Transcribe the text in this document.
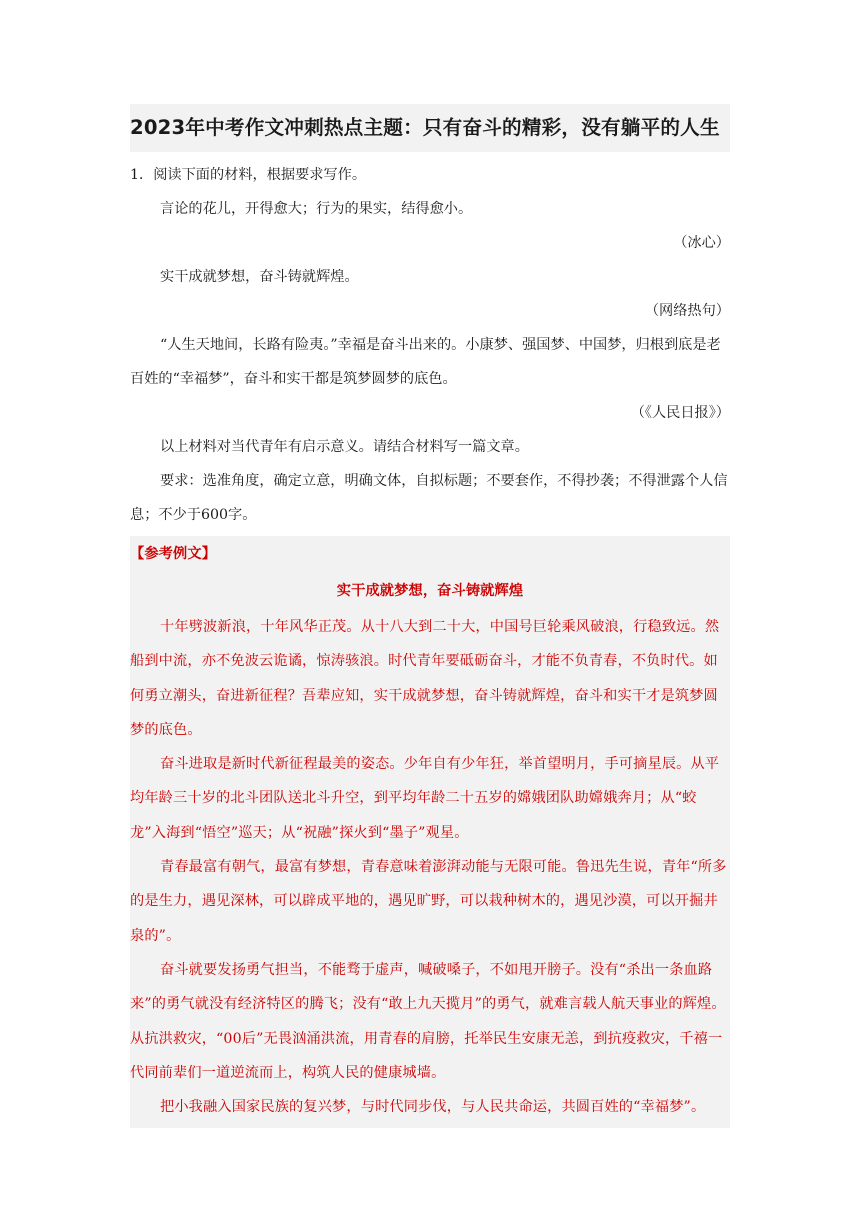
2023年中考作文冲刺热点主题：只有奋斗的精彩，没有躺平的人生

1．阅读下面的材料，根据要求写作。

言论的花儿，开得愈大；行为的果实，结得愈小。

（冰心）

实干成就梦想，奋斗铸就辉煌。

（网络热句）

“人生天地间，长路有险夷。”幸福是奋斗出来的。小康梦、强国梦、中国梦，归根到底是老百姓的“幸福梦”，奋斗和实干都是筑梦圆梦的底色。

（《人民日报》）

以上材料对当代青年有启示意义。请结合材料写一篇文章。

要求：选准角度，确定立意，明确文体，自拟标题；不要套作，不得抄袭；不得泄露个人信息；不少于600字。

【参考例文】

实干成就梦想，奋斗铸就辉煌

十年劈波新浪，十年风华正茂。从十八大到二十大，中国号巨轮乘风破浪，行稳致远。然船到中流，亦不免波云诡谲，惊涛骇浪。时代青年要砥砺奋斗，才能不负青春，不负时代。如何勇立潮头，奋进新征程？吾辈应知，实干成就梦想，奋斗铸就辉煌，奋斗和实干才是筑梦圆梦的底色。

奋斗进取是新时代新征程最美的姿态。少年自有少年狂，举首望明月，手可摘星辰。从平均年龄三十岁的北斗团队送北斗升空，到平均年龄二十五岁的嫦娥团队助嫦娥奔月；从“蛟龙”入海到“悟空”巡天；从“祝融”探火到“墨子”观星。

青春最富有朝气，最富有梦想，青春意味着澎湃动能与无限可能。鲁迅先生说，青年“所多的是生力，遇见深林，可以辟成平地的，遇见旷野，可以栽种树木的，遇见沙漠，可以开掘井泉的”。

奋斗就要发扬勇气担当，不能骛于虚声，喊破嗓子，不如甩开膀子。没有“杀出一条血路来”的勇气就没有经济特区的腾飞；没有“敢上九天揽月”的勇气，就难言载人航天事业的辉煌。从抗洪救灾，“00后”无畏汹涌洪流，用青春的肩膀，托举民生安康无恙，到抗疫救灾，千禧一代同前辈们一道逆流而上，构筑人民的健康城墙。

把小我融入国家民族的复兴梦，与时代同步伐，与人民共命运，共圆百姓的“幸福梦”。
